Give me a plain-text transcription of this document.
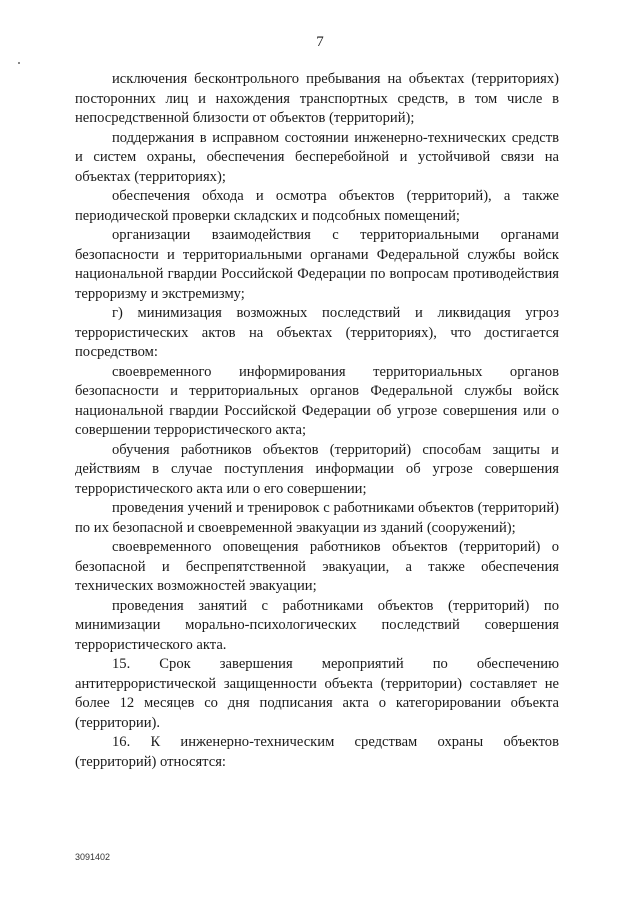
7

исключения бесконтрольного пребывания на объектах (территориях) посторонних лиц и нахождения транспортных средств, в том числе в непосредственной близости от объектов (территорий);

поддержания в исправном состоянии инженерно-технических средств и систем охраны, обеспечения бесперебойной и устойчивой связи на объектах (территориях);

обеспечения обхода и осмотра объектов (территорий), а также периодической проверки складских и подсобных помещений;

организации взаимодействия с территориальными органами безопасности и территориальными органами Федеральной службы войск национальной гвардии Российской Федерации по вопросам противодействия терроризму и экстремизму;

г) минимизация возможных последствий и ликвидация угроз террористических актов на объектах (территориях), что достигается посредством:

своевременного информирования территориальных органов безопасности и территориальных органов Федеральной службы войск национальной гвардии Российской Федерации об угрозе совершения или о совершении террористического акта;

обучения работников объектов (территорий) способам защиты и действиям в случае поступления информации об угрозе совершения террористического акта или о его совершении;

проведения учений и тренировок с работниками объектов (территорий) по их безопасной и своевременной эвакуации из зданий (сооружений);

своевременного оповещения работников объектов (территорий) о безопасной и беспрепятственной эвакуации, а также обеспечения технических возможностей эвакуации;

проведения занятий с работниками объектов (территорий) по минимизации морально-психологических последствий совершения террористического акта.

15. Срок завершения мероприятий по обеспечению антитеррористической защищенности объекта (территории) составляет не более 12 месяцев со дня подписания акта о категорировании объекта (территории).

16. К инженерно-техническим средствам охраны объектов (территорий) относятся:

3091402
